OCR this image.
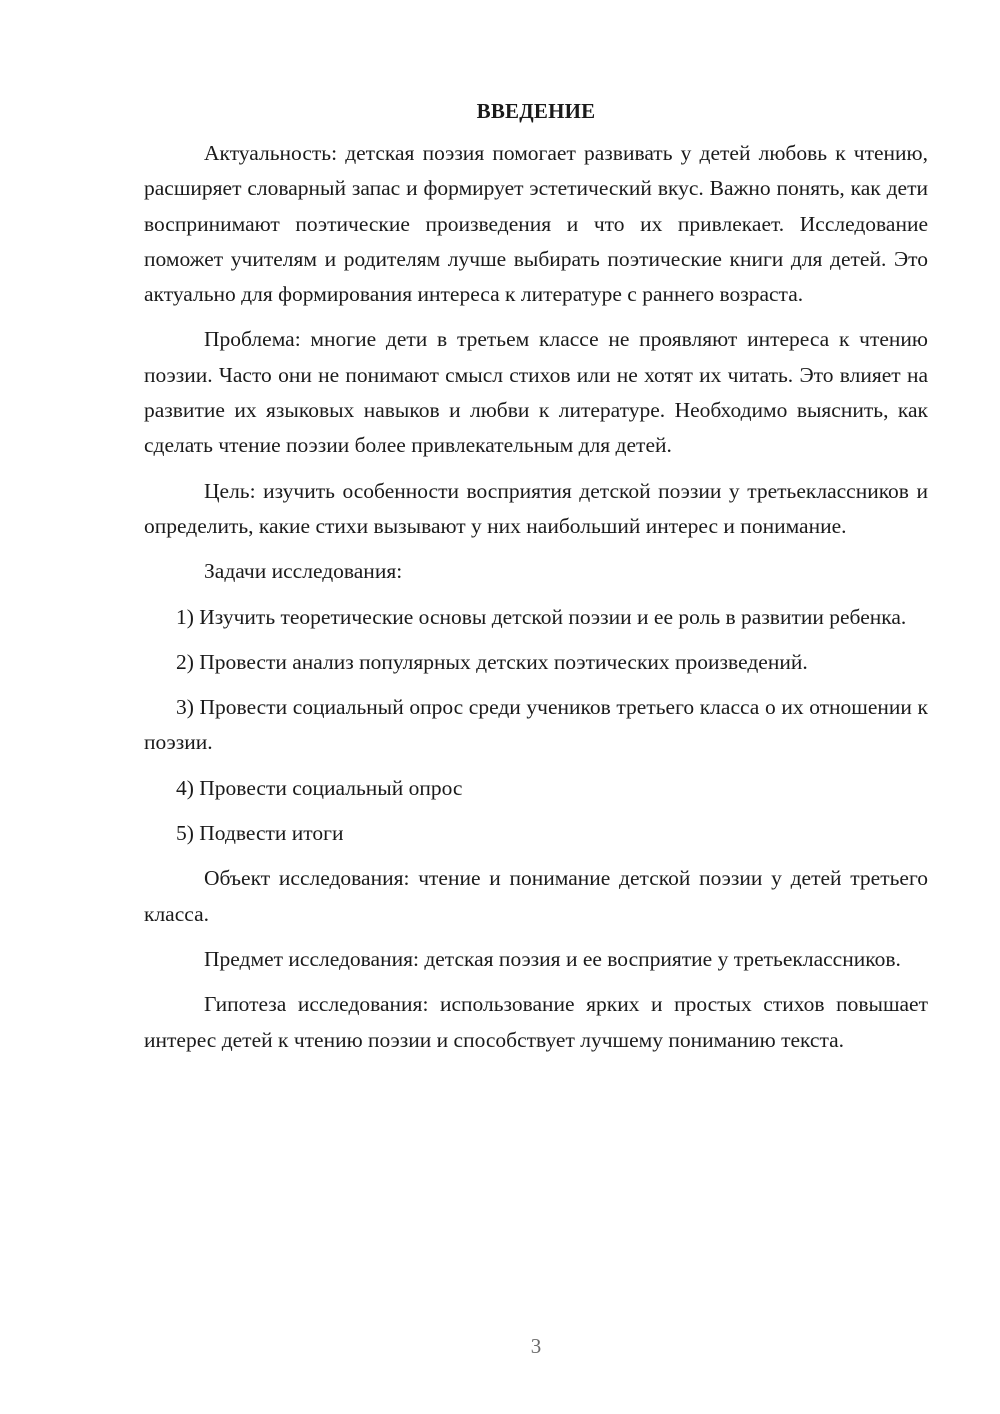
ВВЕДЕНИЕ

Актуальность: детская поэзия помогает развивать у детей любовь к чтению, расширяет словарный запас и формирует эстетический вкус. Важно понять, как дети воспринимают поэтические произведения и что их привлекает. Исследование поможет учителям и родителям лучше выбирать поэтические книги для детей. Это актуально для формирования интереса к литературе с раннего возраста.

Проблема: многие дети в третьем классе не проявляют интереса к чтению поэзии. Часто они не понимают смысл стихов или не хотят их читать. Это влияет на развитие их языковых навыков и любви к литературе. Необходимо выяснить, как сделать чтение поэзии более привлекательным для детей.

Цель: изучить особенности восприятия детской поэзии у третьеклассников и определить, какие стихи вызывают у них наибольший интерес и понимание.

Задачи исследования:

1) Изучить теоретические основы детской поэзии и ее роль в развитии ребенка.

2) Провести анализ популярных детских поэтических произведений.

3) Провести социальный опрос среди учеников третьего класса о их отношении к поэзии.

4) Провести социальный опрос

5) Подвести итоги

Объект исследования: чтение и понимание детской поэзии у детей третьего класса.

Предмет исследования: детская поэзия и ее восприятие у третьеклассников.

Гипотеза исследования: использование ярких и простых стихов повышает интерес детей к чтению поэзии и способствует лучшему пониманию текста.

3
